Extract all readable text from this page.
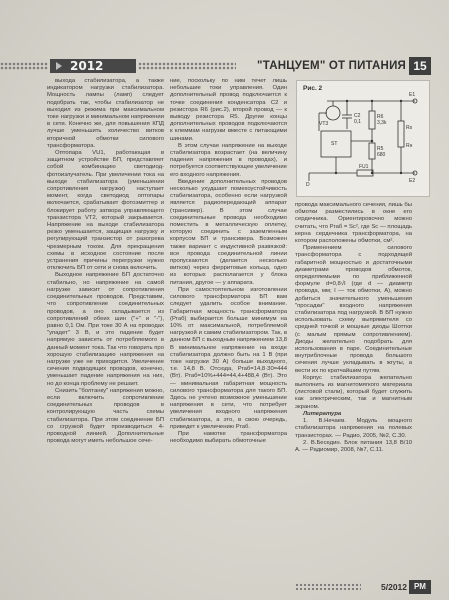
2012	"ТАНЦУЕМ" ОТ ПИТАНИЯ 15

выхода стабилизатора, а также индикатором нагрузки стабилизатора. Мощность лампы (ламп) следует подобрать так, чтобы стабилизатор не выходил из режима при максимальном токе нагрузки и минимальном напряжении в сети. Конечно же, для повышения КПД лучше уменьшить количество витков вторичной обмотки силового трансформатора.

Оптопара VU1, работающая в защитном устройстве БП, представляет собой комбинацию светодиод-фотоизлучатель. При увеличении тока на выходе стабилизатора (уменьшении сопротивления нагрузки) наступает момент, когда светодиод оптопары включается, срабатывает фотоэмиттер и блокирует работу затвора управляющего транзистора VT2, который закрывается. Напряжение на выходе стабилизатора резко уменьшается, защищая нагрузку и регулирующий транзистор от разогрева чрезмерным током. Для прекращения схемы в исходное состояние после устранения причины перегрузки нужно отключить БП от сети и снова включить.

Выходное напряжение БП достаточно стабильно, но напряжение на самой нагрузке зависит от сопротивления соединительных проводов. Представим, что сопротивление соединительных проводов, а оно складывается из сопротивлений обеих шин ("+" и "-"), равно 0,1 Ом. При токе 30 А на проводах "упадет" 3 В, и это падение будет напрямую зависеть от потребляемого в данный момент тока. Так что говорить про хорошую стабилизацию напряжения на нагрузке уже не приходится. Увеличение сечения подводящих проводов, конечно, уменьшает падение напряжения на них, но до конца проблему не решает.

Снизить "болтанку" напряжения можно, если включить сопротивление соединительных проводов в контролирующую часть схемы стабилизатора. При этом соединение БП со сгрузкой будет производиться 4-проводной линией. Дополнительные провода могут иметь небольшое сече-

ние, поскольку по ним течет лишь небольшие токи управления. Один дополнительный провод подключается к точке соединения конденсатора С2 и резистора R6 (рис.2), второй провод — к выводу резистора R5. Другие концы дополнительных проводов подключаются к клеммам нагрузки вместе с питающими шинами.

В этом случае напряжение на выходе стабилизатора возрастает (на величину падения напряжения в проводах), и потребуется соответствующее увеличение его входного напряжения.

Введение дополнительных проводов несколько ухудшает помехоустойчивость стабилизатора, особенно если нагрузкой является радиопередающий аппарат (трансивер). В этом случае соединительные провода необходимо поместить в металлическую оплетку, которую соединить с заземленным корпусом БП и трансивера. Возможен также вариант с индуктивной развязкой: все провода соединительной линии пропускаются (делается несколько витков) через ферритовые кольца, одно из которых располагается у блока питания, другое — у аппарата.

При самостоятельном изготовлении силового трансформатора БП вам следует удалить особое внимание. Габаритная мощность трансформатора (Ргаб) выбирается больше минимум на 10% от максимальной, потребляемой нагрузкой и самим стабилизатором. Так, в данном БП с выходным напряжением 13,8 В минимальное напряжение на входе стабилизатора должно быть на 1 В (при токе нагрузки 30 А) больше выходного, т.е. 14,8 В. Отсюда, Pгаб=14,8·30=444 (Вт). Pгаб=10%+444=44,4+488,4 (Вт). Это — минимальная габаритная мощность силового трансформатора для такого БП. Здесь не учтено возможное уменьшение напряжения в сети, что потребует увеличения входного напряжения стабилизатора, а это, в свою очередь, приведет к увеличению Pгаб.

При намотке трансформатора необходимо выбирать обмоточные

Рис. 2
VT3
C2
0,1
R6
3,3k
R5
680
ST
Rs
Rн
FU1
E1
E2
D

провода максимального сечения, лишь бы обмотки разместились в окне его сердечника. Ориентировочно можно считать, что Pгаб = Sc², где Sc — площадь керна сердечника трансформатора, на котором расположены обмотки, см².

Применением силового трансформатора с подходящей габаритной мощностью и достаточными диаметрами проводов обмоток, определяемыми по приближенной формуле d=0,8√I (где d — диаметр провода, мм; I — ток обмотки, А), можно добиться значительного уменьшения "просадки" входного напряжения стабилизатора под нагрузкой. В БП нужно использовать схему выпрямителя со средней точкой и мощные диоды Шоттки (с малым прямым сопротивлением). Диоды желательно подобрать для использования в паре. Соединительные внутриблочные провода большого сечения лучше укладывать в жгуты, а вести их по кратчайшим путям.

Корпус стабилизатора желательно выполнить из магнитомягкого материала (листовой стали), который будет служить как электрическим, так и магнитным экраном.

Литература

1. В.Нечаев. Модуль мощного стабилизатора напряжения на полевых транзисторах. — Радио, 2005, №2, С.30.

2. В.Беседин. Блок питания 13,8 В/10 А. — Радиомир, 2008, №7, С.11.

5/2012 РМ
